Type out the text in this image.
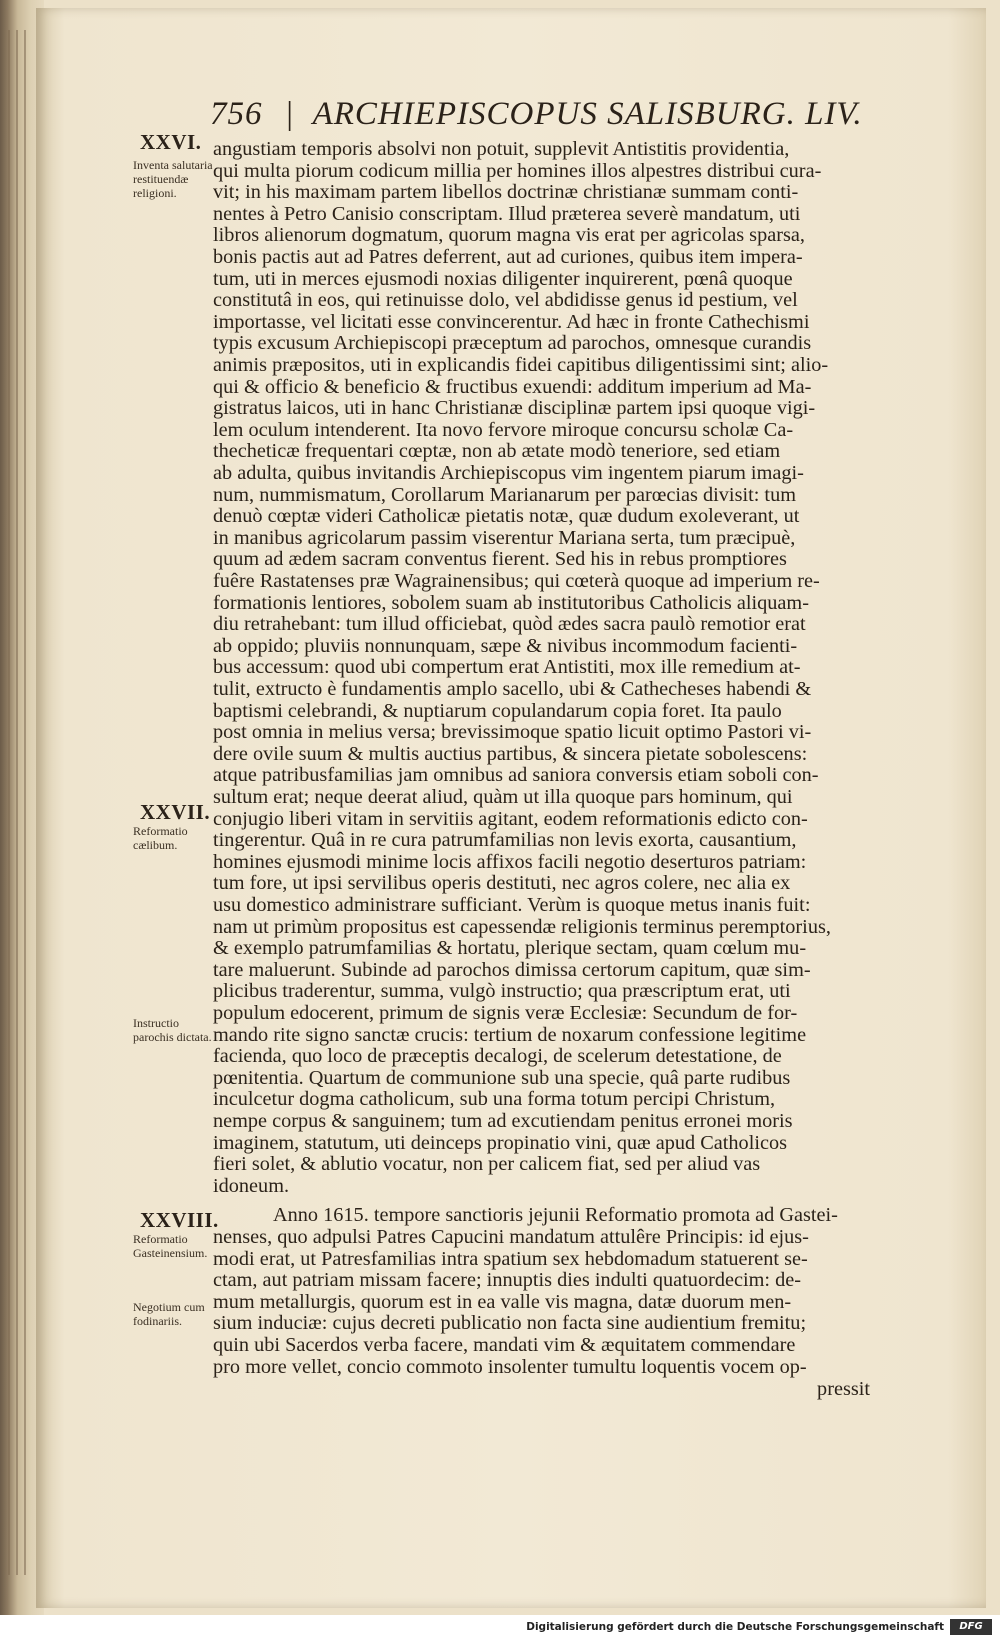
756 | ARCHIEPISCOPUS SALISBURG. LIV.
XXVI.
XXVII.
XXVIII.
Inventa salutaria restituendæ religioni.
Reformatio cælibum.
Instructio parochis dictata.
Reformatio Gasteinensium.
Negotium cum fodinariis.
angustiam temporis absolvi non potuit, supplevit Antistitis providentia,
qui multa piorum codicum millia per homines illos alpestres distribui cura-
vit; in his maximam partem libellos doctrinæ christianæ summam conti-
nentes à Petro Canisio conscriptam. Illud præterea severè mandatum, uti
libros alienorum dogmatum, quorum magna vis erat per agricolas sparsa,
bonis pactis aut ad Patres deferrent, aut ad curiones, quibus item impera-
tum, uti in merces ejusmodi noxias diligenter inquirerent, pœnâ quoque
constitutâ in eos, qui retinuisse dolo, vel abdidisse genus id pestium, vel
importasse, vel licitati esse convincerentur. Ad hæc in fronte Cathechismi
typis excusum Archiepiscopi præceptum ad parochos, omnesque curandis
animis præpositos, uti in explicandis fidei capitibus diligentissimi sint; alio-
qui & officio & beneficio & fructibus exuendi: additum imperium ad Ma-
gistratus laicos, uti in hanc Christianæ disciplinæ partem ipsi quoque vigi-
lem oculum intenderent. Ita novo fervore miroque concursu scholæ Ca-
thecheticæ frequentari cœptæ, non ab ætate modò teneriore, sed etiam
ab adulta, quibus invitandis Archiepiscopus vim ingentem piarum imagi-
num, nummismatum, Corollarum Marianarum per parœcias divisit: tum
denuò cœptæ videri Catholicæ pietatis notæ, quæ dudum exoleverant, ut
in manibus agricolarum passim viserentur Mariana serta, tum præcipuè,
quum ad ædem sacram conventus fierent. Sed his in rebus promptiores
fuêre Rastatenses præ Wagrainensibus; qui cœterà quoque ad imperium re-
formationis lentiores, sobolem suam ab institutoribus Catholicis aliquam-
diu retrahebant: tum illud officiebat, quòd ædes sacra paulò remotior erat
ab oppido; pluviis nonnunquam, sæpe & nivibus incommodum facienti-
bus accessum: quod ubi compertum erat Antistiti, mox ille remedium at-
tulit, extructo è fundamentis amplo sacello, ubi & Cathecheses habendi &
baptismi celebrandi, & nuptiarum copulandarum copia foret. Ita paulo
post omnia in melius versa; brevissimoque spatio licuit optimo Pastori vi-
dere ovile suum & multis auctius partibus, & sincera pietate sobolescens:
atque patribusfamilias jam omnibus ad saniora conversis etiam soboli con-
sultum erat; neque deerat aliud, quàm ut illa quoque pars hominum, qui
conjugio liberi vitam in servitiis agitant, eodem reformationis edicto con-
tingerentur. Quâ in re cura patrumfamilias non levis exorta, causantium,
homines ejusmodi minime locis affixos facili negotio deserturos patriam:
tum fore, ut ipsi servilibus operis destituti, nec agros colere, nec alia ex
usu domestico administrare sufficiant. Verùm is quoque metus inanis fuit:
nam ut primùm propositus est capessendæ religionis terminus peremptorius,
& exemplo patrumfamilias & hortatu, plerique sectam, quam cœlum mu-
tare maluerunt. Subinde ad parochos dimissa certorum capitum, quæ sim-
plicibus traderentur, summa, vulgò instructio; qua præscriptum erat, uti
populum edocerent, primum de signis veræ Ecclesiæ: Secundum de for-
mando rite signo sanctæ crucis: tertium de noxarum confessione legitime
facienda, quo loco de præceptis decalogi, de scelerum detestatione, de
pœnitentia. Quartum de communione sub una specie, quâ parte rudibus
inculcetur dogma catholicum, sub una forma totum percipi Christum,
nempe corpus & sanguinem; tum ad excutiendam penitus erronei moris
imaginem, statutum, uti deinceps propinatio vini, quæ apud Catholicos
fieri solet, & ablutio vocatur, non per calicem fiat, sed per aliud vas
idoneum.
Anno 1615. tempore sanctioris jejunii Reformatio promota ad Gastei-
nenses, quo adpulsi Patres Capucini mandatum attulêre Principis: id ejus-
modi erat, ut Patresfamilias intra spatium sex hebdomadum statuerent se-
ctam, aut patriam missam facere; innuptis dies indulti quatuordecim: de-
mum metallurgis, quorum est in ea valle vis magna, datæ duorum men-
sium induciæ: cujus decreti publicatio non facta sine audientium fremitu;
quin ubi Sacerdos verba facere, mandati vim & æquitatem commendare
pro more vellet, concio commoto insolenter tumultu loquentis vocem op-
pressit
Digitalisierung gefördert durch die Deutsche Forschungsgemeinschaft	DFG
